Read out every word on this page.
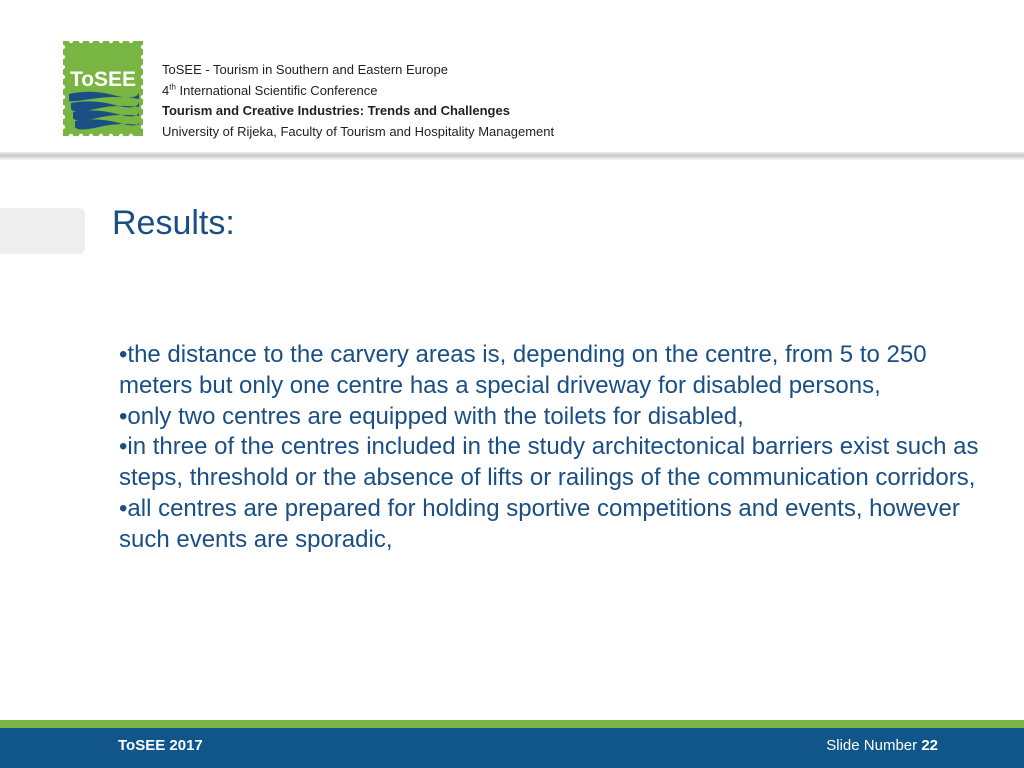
ToSEE ToSEE - Tourism in Southern and Eastern Europe
4th International Scientific Conference
Tourism and Creative Industries: Trends and Challenges
University of Rijeka, Faculty of Tourism and Hospitality Management
Results:

•the distance to the carvery areas is, depending on the centre, from 5 to 250 meters but only one centre has a special driveway for disabled persons,

•only two centres are equipped with the toilets for disabled,

•in three of the centres included in the study architectonical barriers exist such as steps, threshold or the absence of lifts or railings of the communication corridors,

•all centres are prepared for holding sportive competitions and events, however such events are sporadic,

ToSEE 2017	Slide Number 22
